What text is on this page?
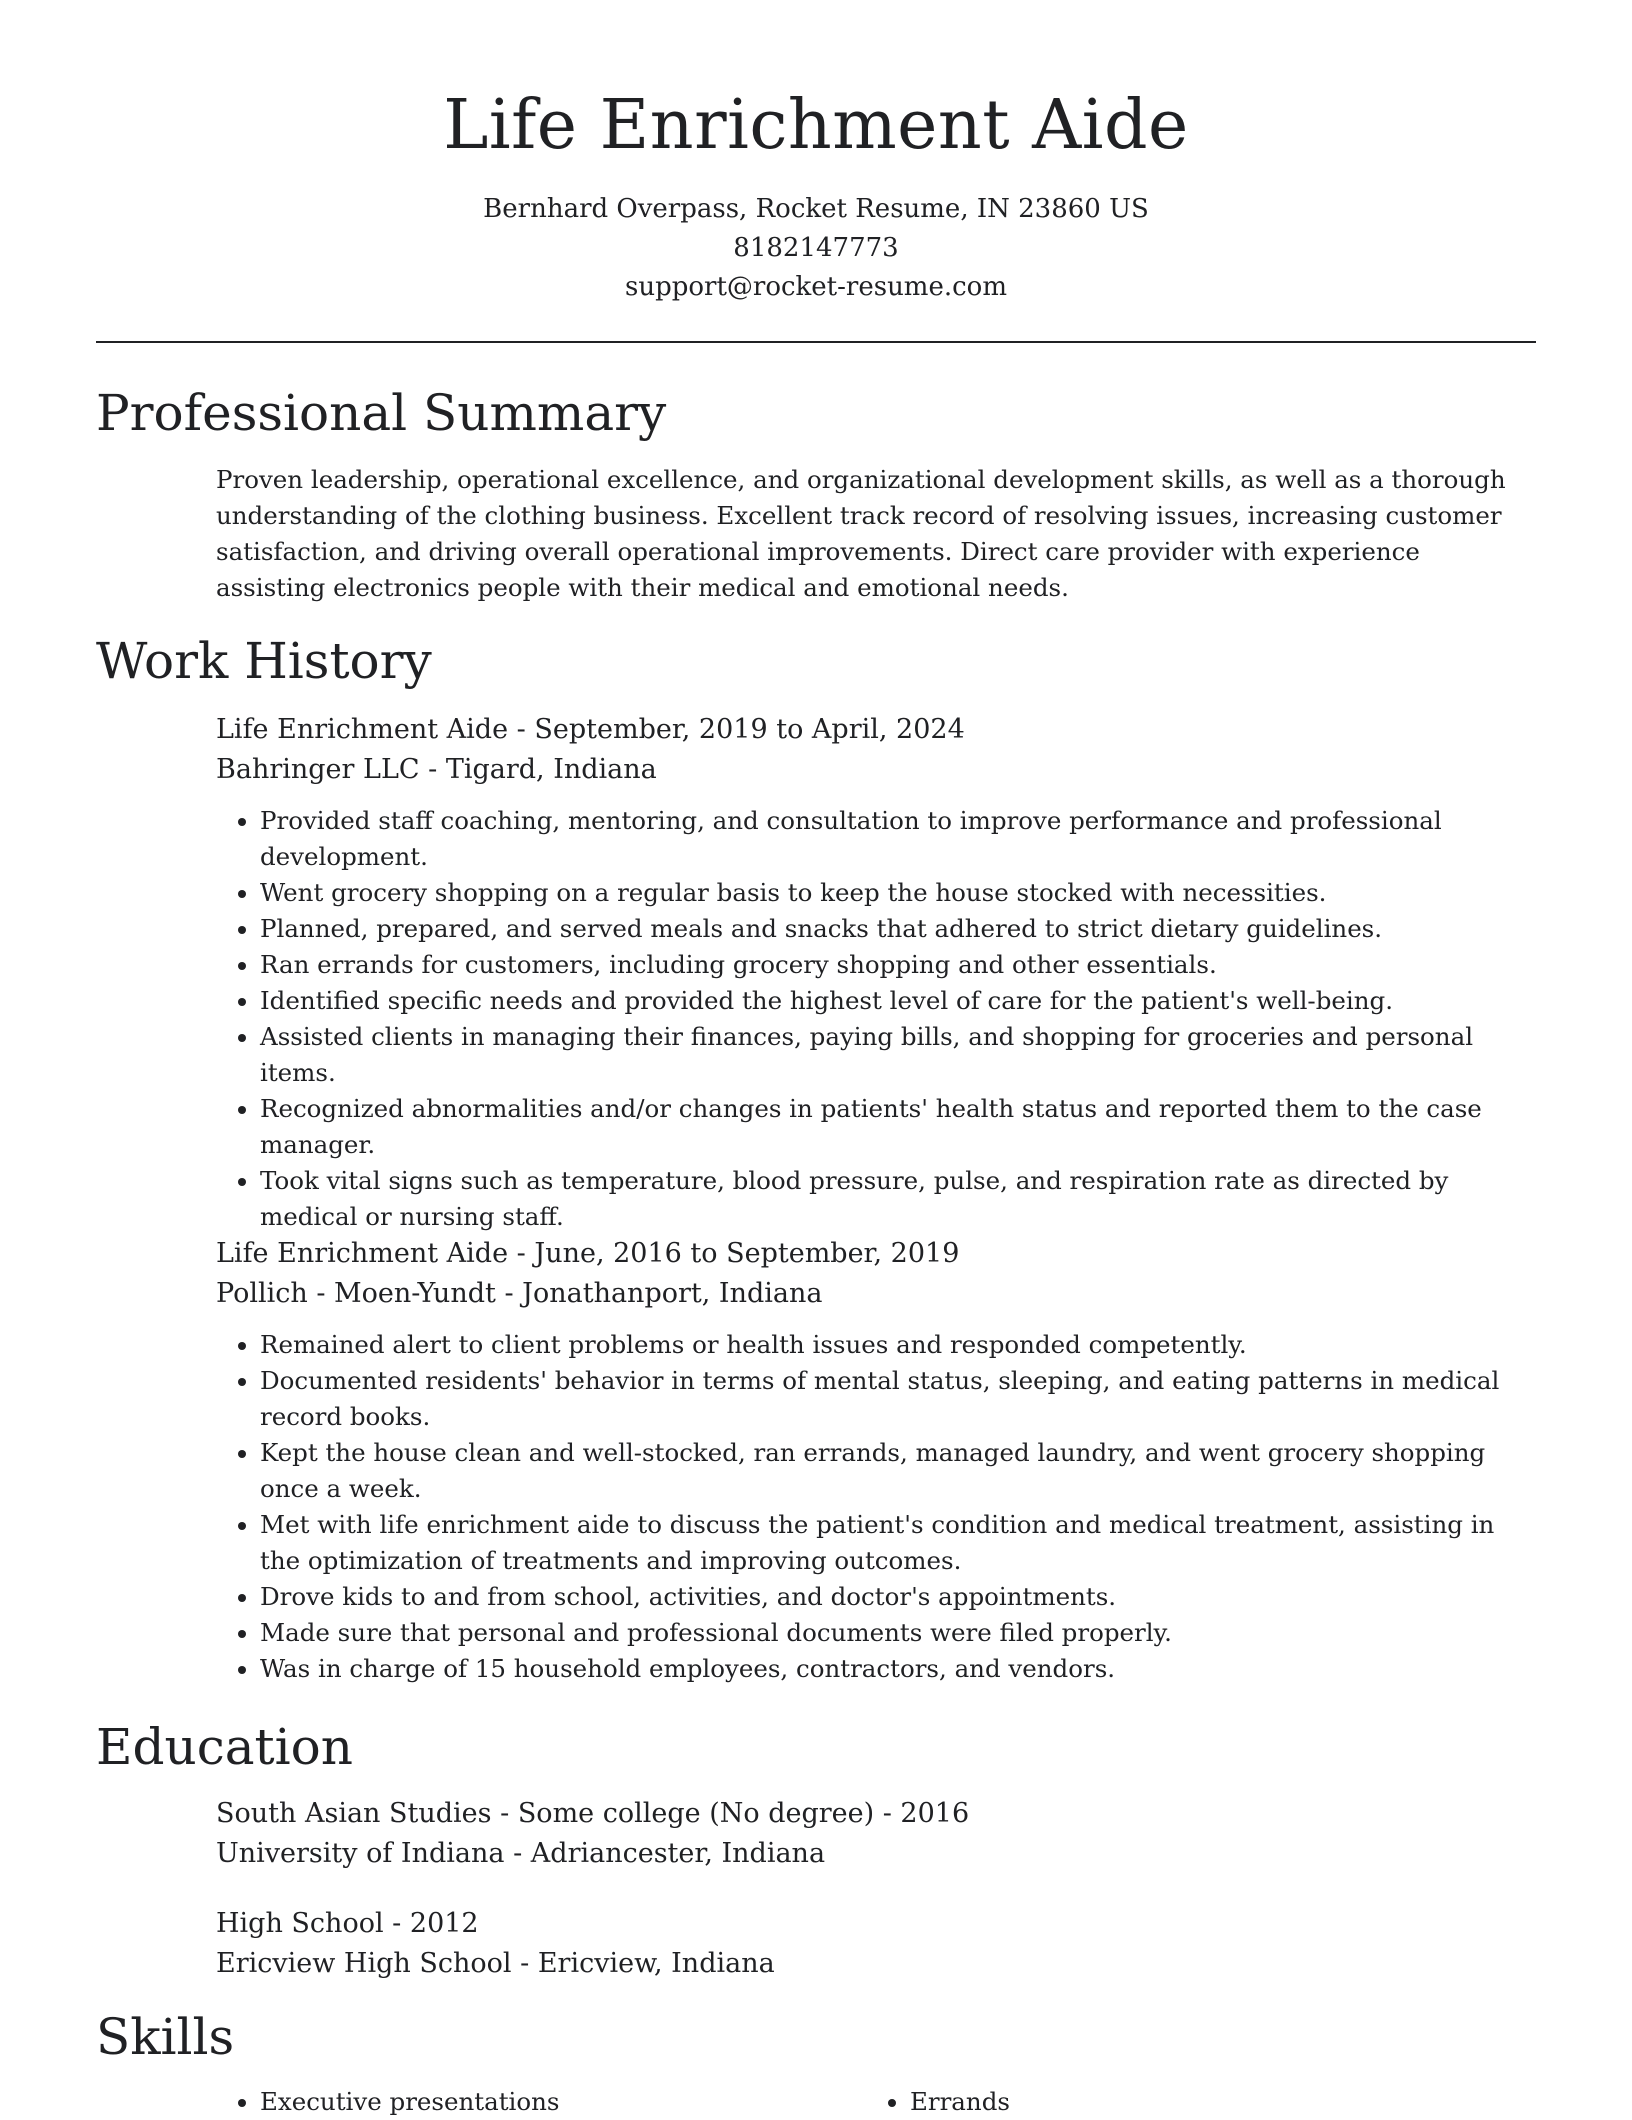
Life Enrichment Aide
Bernhard Overpass, Rocket Resume, IN 23860 US
8182147773
support@rocket-resume.com
Professional Summary

Proven leadership, operational excellence, and organizational development skills, as well as a thorough understanding of the clothing business. Excellent track record of resolving issues, increasing customer satisfaction, and driving overall operational improvements. Direct care provider with experience assisting electronics people with their medical and emotional needs.

Work History
Life Enrichment Aide - September, 2019 to April, 2024
Bahringer LLC - Tigard, Indiana
• Provided staff coaching, mentoring, and consultation to improve performance and professional development.
• Went grocery shopping on a regular basis to keep the house stocked with necessities.
• Planned, prepared, and served meals and snacks that adhered to strict dietary guidelines.
• Ran errands for customers, including grocery shopping and other essentials.
• Identified specific needs and provided the highest level of care for the patient's well-being.
• Assisted clients in managing their finances, paying bills, and shopping for groceries and personal items.
• Recognized abnormalities and/or changes in patients' health status and reported them to the case manager.
• Took vital signs such as temperature, blood pressure, pulse, and respiration rate as directed by medical or nursing staff.
Life Enrichment Aide - June, 2016 to September, 2019
Pollich - Moen-Yundt - Jonathanport, Indiana
• Remained alert to client problems or health issues and responded competently.
• Documented residents' behavior in terms of mental status, sleeping, and eating patterns in medical record books.
• Kept the house clean and well-stocked, ran errands, managed laundry, and went grocery shopping once a week.
• Met with life enrichment aide to discuss the patient's condition and medical treatment, assisting in the optimization of treatments and improving outcomes.
• Drove kids to and from school, activities, and doctor's appointments.
• Made sure that personal and professional documents were filed properly.
• Was in charge of 15 household employees, contractors, and vendors.
Education
South Asian Studies - Some college (No degree) - 2016
University of Indiana - Adriancester, Indiana
High School - 2012
Ericview High School - Ericview, Indiana
Skills
• Executive presentations
•	Errands
